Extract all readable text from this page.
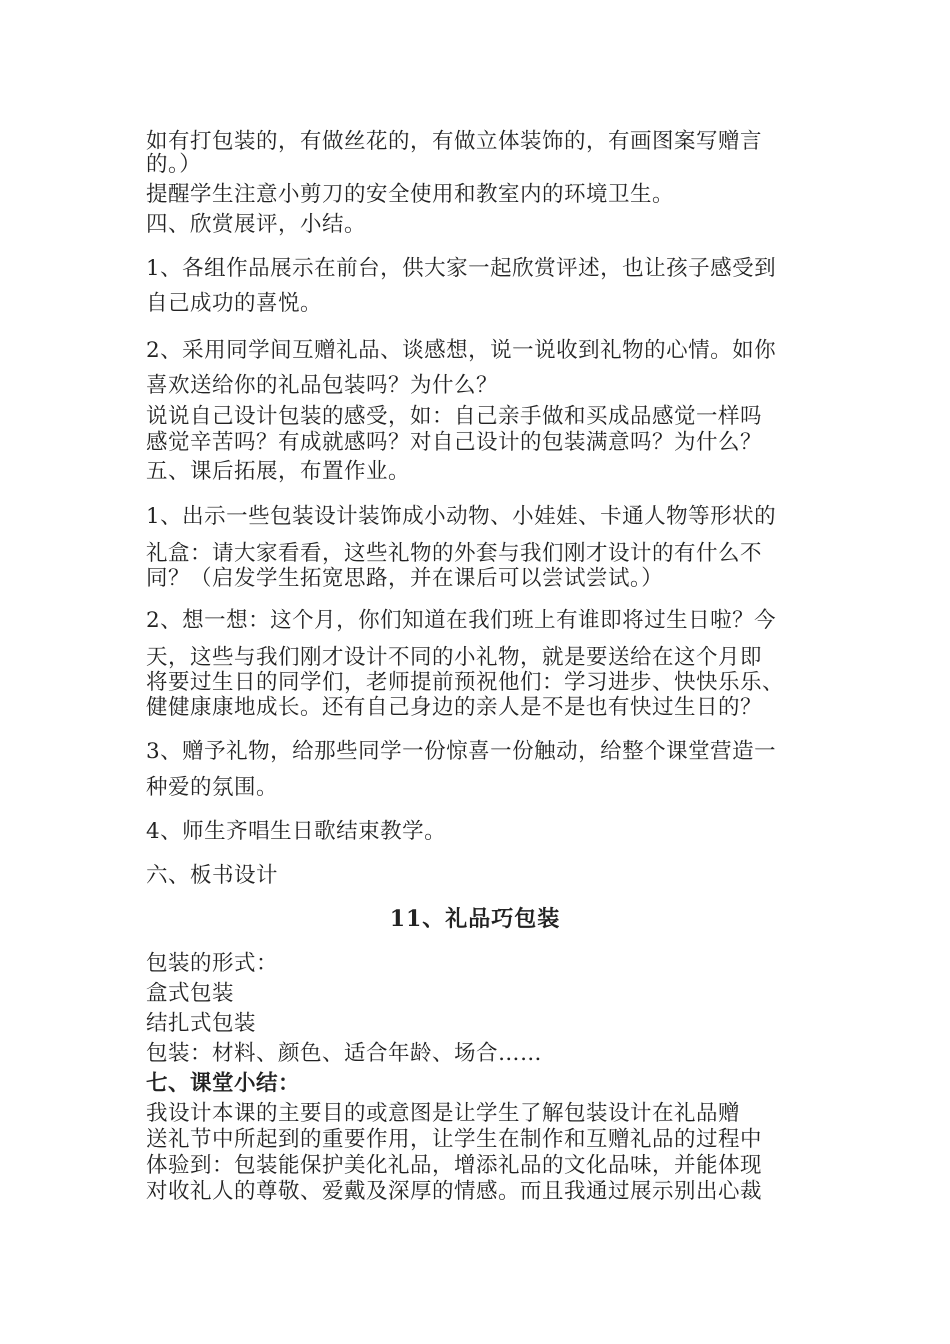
如有打包装的，有做丝花的，有做立体装饰的，有画图案写赠言

的。）

提醒学生注意小剪刀的安全使用和教室内的环境卫生。

四、欣赏展评，小结。

1、各组作品展示在前台，供大家一起欣赏评述，也让孩子感受到

自己成功的喜悦。

2、采用同学间互赠礼品、谈感想，说一说收到礼物的心情。如你

喜欢送给你的礼品包装吗？为什么？

说说自己设计包装的感受，如：自己亲手做和买成品感觉一样吗

感觉辛苦吗？有成就感吗？对自己设计的包装满意吗？为什么？

五、课后拓展，布置作业。

1、出示一些包装设计装饰成小动物、小娃娃、卡通人物等形状的

礼盒：请大家看看，这些礼物的外套与我们刚才设计的有什么不

同？（启发学生拓宽思路，并在课后可以尝试尝试。）

2、想一想：这个月，你们知道在我们班上有谁即将过生日啦？今

天，这些与我们刚才设计不同的小礼物，就是要送给在这个月即

将要过生日的同学们，老师提前预祝他们：学习进步、快快乐乐、

健健康康地成长。还有自己身边的亲人是不是也有快过生日的？

3、赠予礼物，给那些同学一份惊喜一份触动，给整个课堂营造一

种爱的氛围。

4、师生齐唱生日歌结束教学。

六、板书设计

11、礼品巧包装

包装的形式：

盒式包装

结扎式包装

包装：材料、颜色、适合年龄、场合……

七、课堂小结：

我设计本课的主要目的或意图是让学生了解包装设计在礼品赠

送礼节中所起到的重要作用，让学生在制作和互赠礼品的过程中

体验到：包装能保护美化礼品，增添礼品的文化品味，并能体现

对收礼人的尊敬、爱戴及深厚的情感。而且我通过展示别出心裁
